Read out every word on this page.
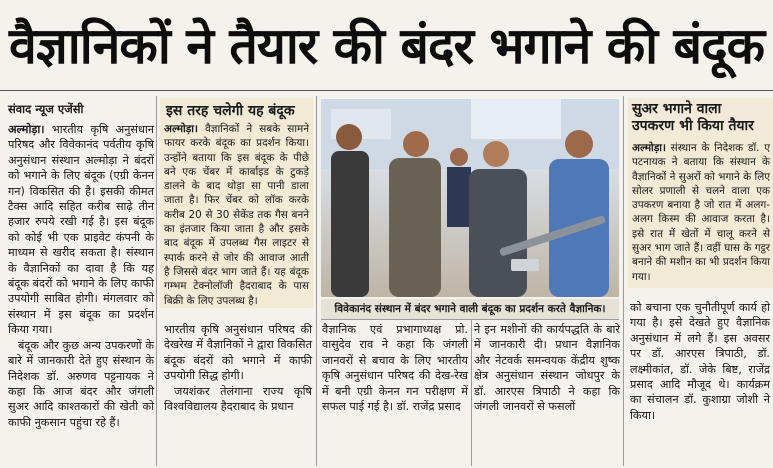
वैज्ञानिकों ने तैयार की बंदर भगाने की बंदूक
संवाद न्यूज एजेंसी

अल्मोड़ा। भारतीय कृषि अनुसंधान परिषद और विवेकानंद पर्वतीय कृषि अनुसंधान संस्थान अल्मोड़ा ने बंदरों को भगाने के लिए बंदूक (एग्री केनन गन) विकसित की है। इसकी कीमत टैक्स आदि सहित करीब साढ़े तीन हजार रुपये रखी गई है। इस बंदूक को कोई भी एक प्राइवेट कंपनी के माध्यम से खरीद सकता है। संस्थान के वैज्ञानिकों का दावा है कि यह बंदूक बंदरों को भगाने के लिए काफी उपयोगी साबित होगी। मंगलवार को संस्थान में इस बंदूक का प्रदर्शन किया गया।

बंदूक और कुछ अन्य उपकरणों के बारे में जानकारी देते हुए संस्थान के निदेशक डॉ. अरुणव पट्टनायक ने कहा कि आज बंदर और जंगली सुअर आदि काश्तकारों की खेती को काफी नुकसान पहुंचा रहे हैं।

इस तरह चलेगी यह बंदूक

अल्मोड़ा। वैज्ञानिकों ने सबके सामने फायर करके बंदूक का प्रदर्शन किया। उन्होंने बताया कि इस बंदूक के पीछे बने एक चेंबर में कार्बाइड के टुकड़े डालने के बाद थोड़ा सा पानी डाला जाता है। फिर चेंबर को लॉक करके करीब 20 से 30 सेकेंड तक गैस बनने का इंतजार किया जाता है और इसके बाद बंदूक में उपलब्ध गैस लाइटर से स्पार्क करने से जोर की आवाज आती है जिससे बंदर भाग जाते हैं। यह बंदूक गम्भम टेक्नोलॉजी हैदराबाद के पास बिक्री के लिए उपलब्ध है।

भारतीय कृषि अनुसंधान परिषद की देखरेख में वैज्ञानिकों ने द्वारा विकसित बंदूक बंदरों को भगाने में काफी उपयोगी सिद्ध होगी।

जयशंकर तेलंगाना राज्य कृषि विश्वविद्यालय हैदराबाद के प्रधान

विवेकानंद संस्थान में बंदर भगाने वाली बंदूक का प्रदर्शन करते वैज्ञानिक।
वैज्ञानिक एवं प्रभागाध्यक्ष प्रो. वासुदेव राव ने कहा कि जंगली जानवरों से बचाव के लिए भारतीय कृषि अनुसंधान परिषद की देख-रेख में बनी एग्री केनन गन परीक्षण में सफल पाई गई है। डॉ. राजेंद्र प्रसाद
ने इन मशीनों की कार्यपद्धति के बारे में जानकारी दी। प्रधान वैज्ञानिक और नेटवर्क समन्वयक केंद्रीय शुष्क क्षेत्र अनुसंधान संस्थान जोधपुर के डॉ. आरएस त्रिपाठी ने कहा कि जंगली जानवरों से फसलों
सुअर भगाने वाला उपकरण भी किया तैयार

अल्मोड़ा। संस्थान के निदेशक डॉ. ए पटनायक ने बताया कि संस्थान के वैज्ञानिकों ने सुअरों को भगाने के लिए सोलर प्रणाली से चलने वाला एक उपकरण बनाया है जो रात में अलग-अलग किस्म की आवाज करता है। इसे रात में खेतों में चालू करने से सुअर भाग जाते हैं। वहीं घास के गट्ठर बनाने की मशीन का भी प्रदर्शन किया गया।

को बचाना एक चुनौतीपूर्ण कार्य हो गया है। इसे देखते हुए वैज्ञानिक अनुसंधान में लगे हैं। इस अवसर पर डॉ. आरएस त्रिपाठी, डॉ. लक्ष्मीकांत, डॉ. जेके बिष्ट, राजेंद्र प्रसाद आदि मौजूद थे। कार्यक्रम का संचालन डॉ. कुशाग्रा जोशी ने किया।
